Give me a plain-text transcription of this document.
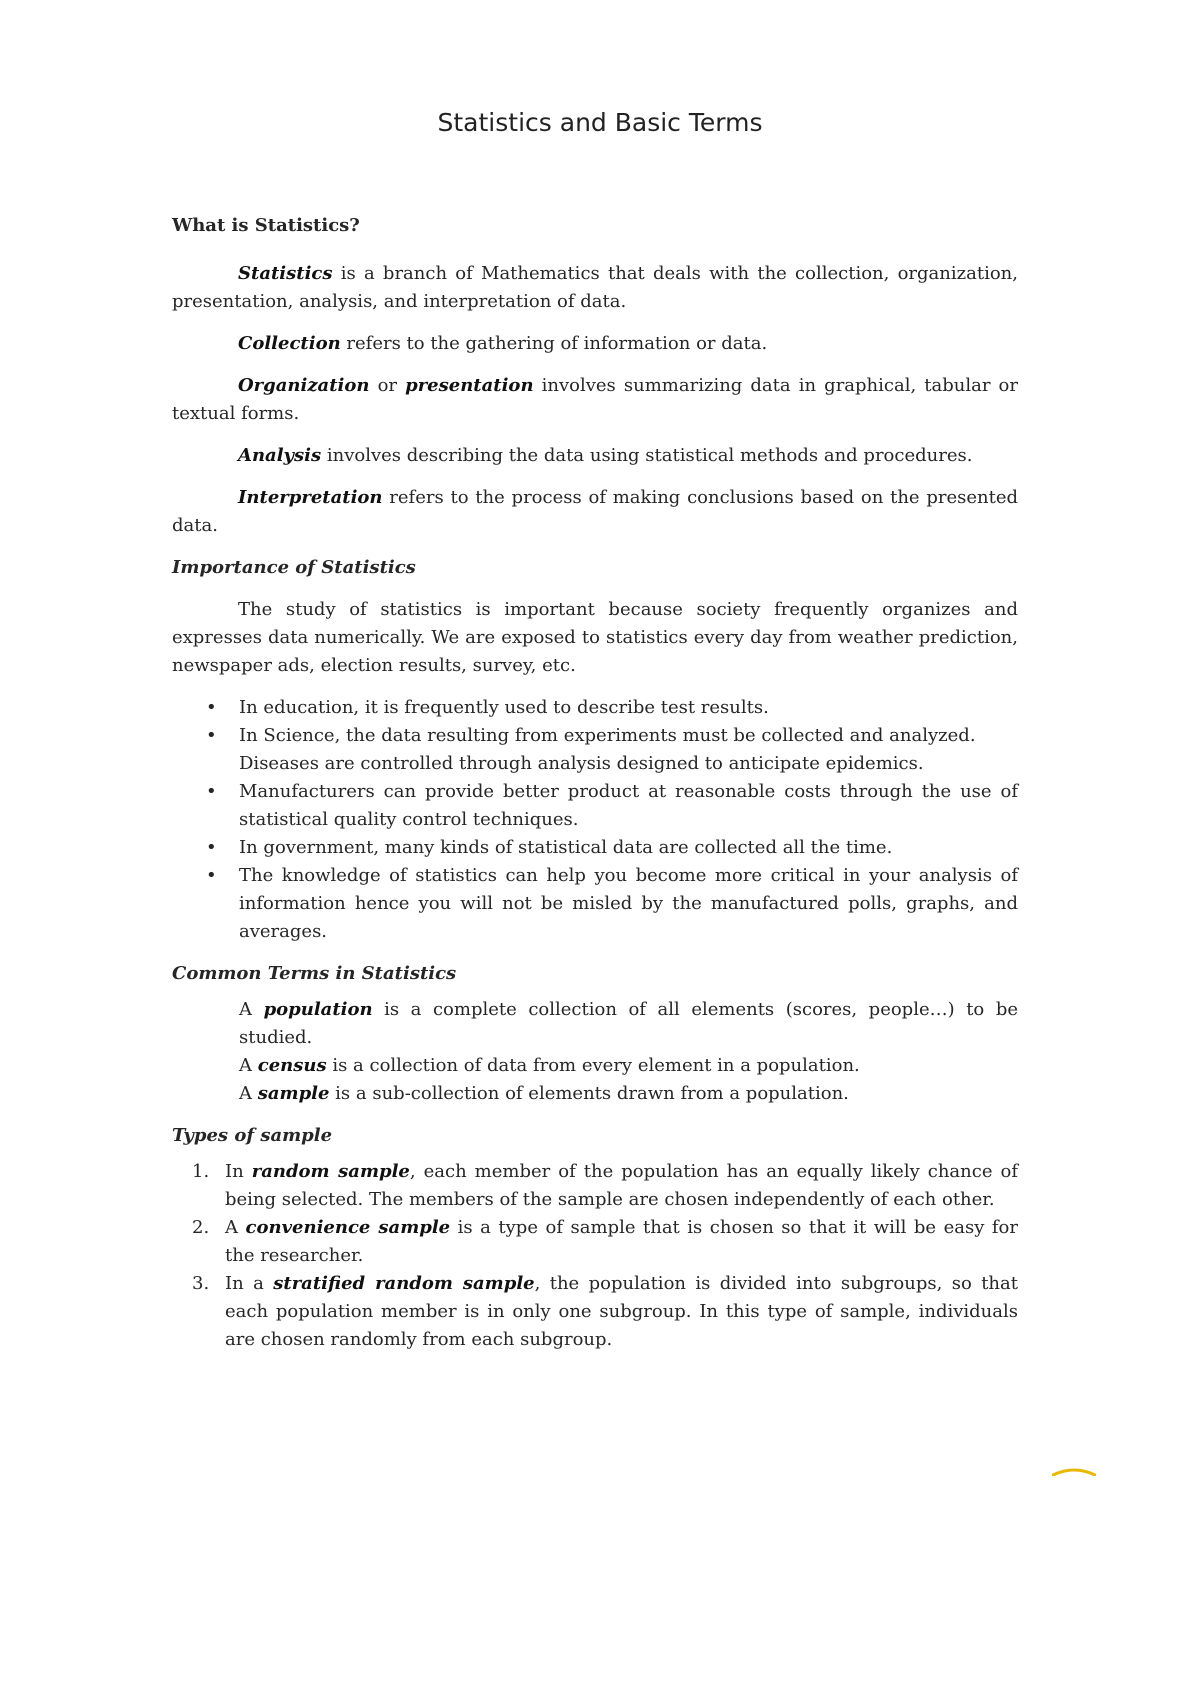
Statistics and Basic Terms
What is Statistics?

Statistics is a branch of Mathematics that deals with the collection, organization, presentation, analysis, and interpretation of data.

Collection refers to the gathering of information or data.

Organization or presentation involves summarizing data in graphical, tabular or textual forms.

Analysis involves describing the data using statistical methods and procedures.

Interpretation refers to the process of making conclusions based on the presented data.

Importance of Statistics

The study of statistics is important because society frequently organizes and expresses data numerically. We are exposed to statistics every day from weather prediction, newspaper ads, election results, survey, etc.

• In education, it is frequently used to describe test results.
• In Science, the data resulting from experiments must be collected and analyzed.
Diseases are controlled through analysis designed to anticipate epidemics.
• Manufacturers can provide better product at reasonable costs through the use of statistical quality control techniques.
• In government, many kinds of statistical data are collected all the time.
• The knowledge of statistics can help you become more critical in your analysis of information hence you will not be misled by the manufactured polls, graphs, and averages.
Common Terms in Statistics
A population is a complete collection of all elements (scores, people…) to be studied.
A census is a collection of data from every element in a population.
A sample is a sub-collection of elements drawn from a population.
Types of sample
1. In random sample, each member of the population has an equally likely chance of being selected. The members of the sample are chosen independently of each other.
2. A convenience sample is a type of sample that is chosen so that it will be easy for the researcher.
3. In a stratified random sample, the population is divided into subgroups, so that each population member is in only one subgroup. In this type of sample, individuals are chosen randomly from each subgroup.
